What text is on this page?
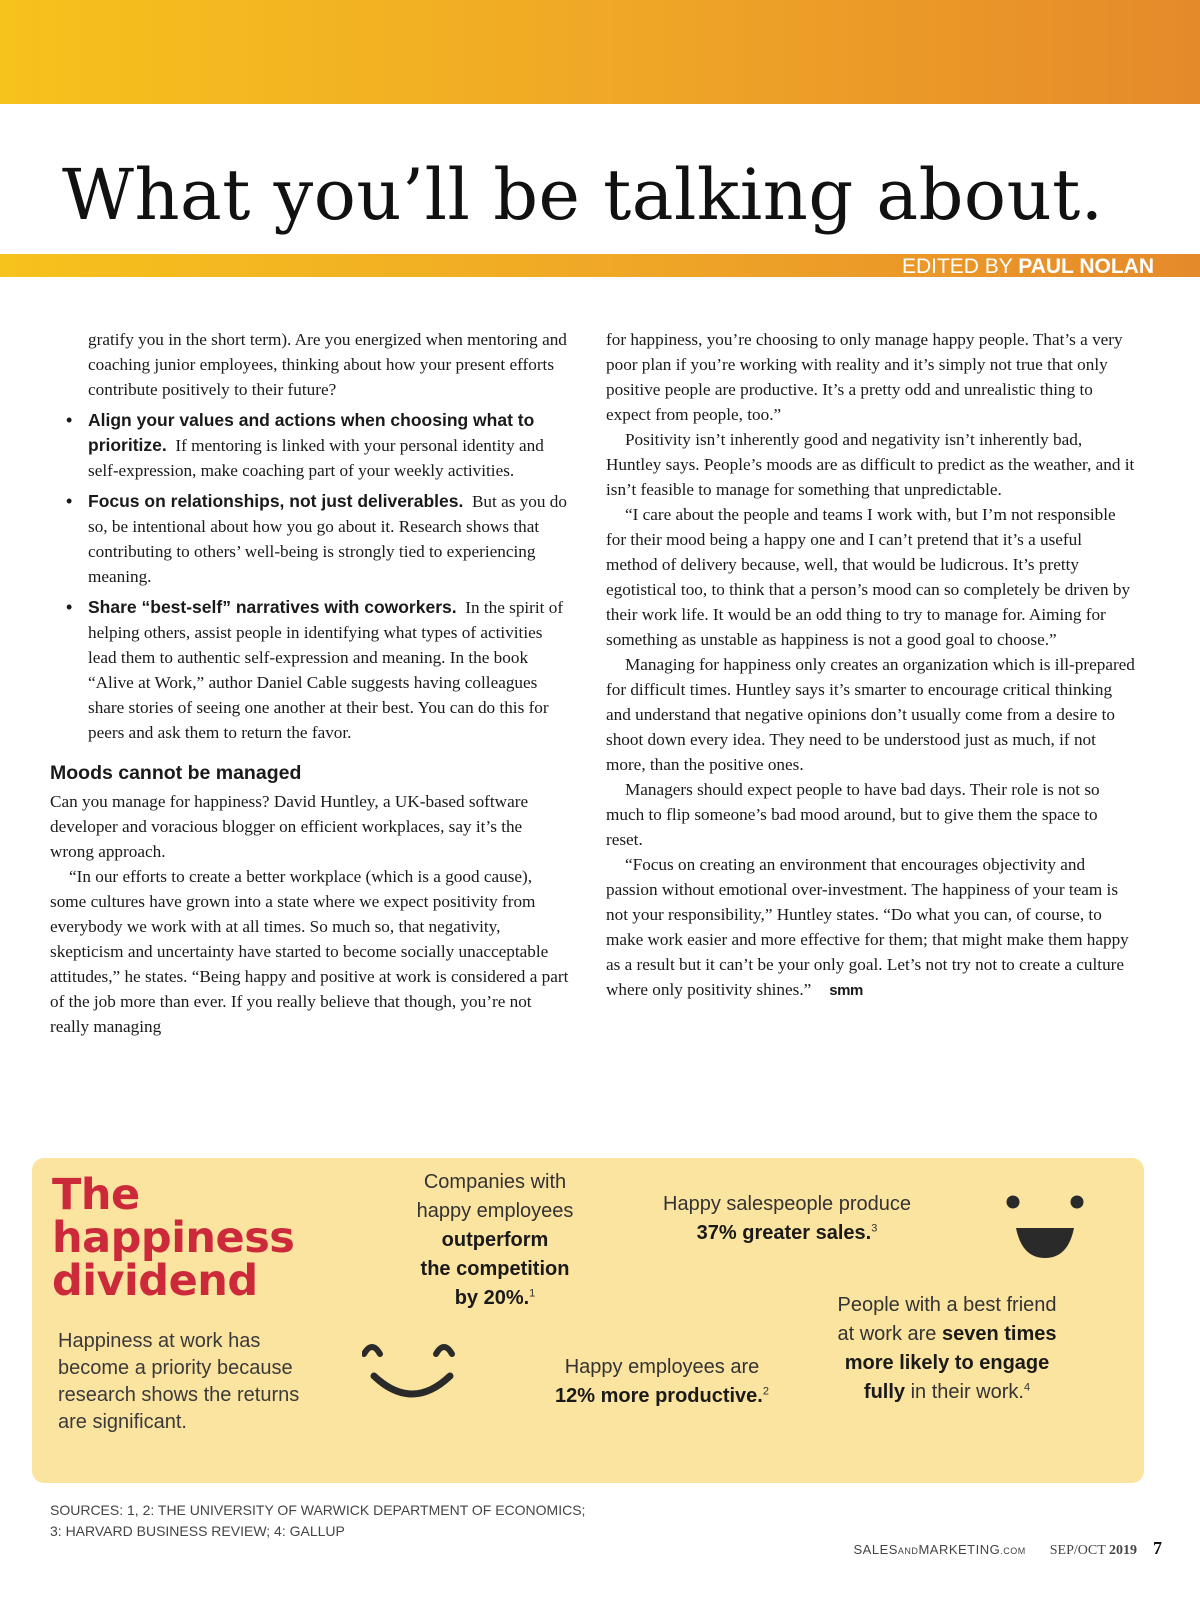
What you’ll be talking about.
EDITED BY PAUL NOLAN

gratify you in the short term). Are you energized when mentoring and coaching junior employees, thinking about how your present efforts contribute positively to their future?

• Align your values and actions when choosing what to prioritize. If mentoring is linked with your personal identity and self-expression, make coaching part of your weekly activities.
• Focus on relationships, not just deliverables. But as you do so, be intentional about how you go about it. Research shows that contributing to others’ well-being is strongly tied to experiencing meaning.
• Share “best-self” narratives with coworkers. In the spirit of helping others, assist people in identifying what types of activities lead them to authentic self-expression and meaning. In the book “Alive at Work,” author Daniel Cable suggests having colleagues share stories of seeing one another at their best. You can do this for peers and ask them to return the favor.
Moods cannot be managed

Can you manage for happiness? David Huntley, a UK-based software developer and voracious blogger on efficient workplaces, say it’s the wrong approach.

“In our efforts to create a better workplace (which is a good cause), some cultures have grown into a state where we expect positivity from everybody we work with at all times. So much so, that negativity, skepticism and uncertainty have started to become socially unacceptable attitudes,” he states. “Being happy and positive at work is considered a part of the job more than ever. If you really believe that though, you’re not really managing

for happiness, you’re choosing to only manage happy people. That’s a very poor plan if you’re working with reality and it’s simply not true that only positive people are productive. It’s a pretty odd and unrealistic thing to expect from people, too.”

Positivity isn’t inherently good and negativity isn’t inherently bad, Huntley says. People’s moods are as difficult to predict as the weather, and it isn’t feasible to manage for something that unpredictable.

“I care about the people and teams I work with, but I’m not responsible for their mood being a happy one and I can’t pretend that it’s a useful method of delivery because, well, that would be ludicrous. It’s pretty egotistical too, to think that a person’s mood can so completely be driven by their work life. It would be an odd thing to try to manage for. Aiming for something as unstable as happiness is not a good goal to choose.”

Managing for happiness only creates an organization which is ill-prepared for difficult times. Huntley says it’s smarter to encourage critical thinking and understand that negative opinions don’t usually come from a desire to shoot down every idea. They need to be understood just as much, if not more, than the positive ones.

Managers should expect people to have bad days. Their role is not so much to flip someone’s bad mood around, but to give them the space to reset.

“Focus on creating an environment that encourages objectivity and passion without emotional over-investment. The happiness of your team is not your responsibility,” Huntley states. “Do what you can, of course, to make work easier and more effective for them; that might make them happy as a result but it can’t be your only goal. Let’s not try not to create a culture where only positivity shines.” smm

The
happiness
dividend
Happiness at work has become a priority because research shows the returns are significant.
Companies with
happy employees
outperform
the competition
by 20%.$^1$
Happy salespeople produce
37% greater sales.$^3$
Happy employees are
12% more productive.$^2$
People with a best friend
at work are seven times
more likely to engage
fully in their work.$^4$
SOURCES: 1, 2: THE UNIVERSITY OF WARWICK DEPARTMENT OF ECONOMICS;
3: HARVARD BUSINESS REVIEW; 4: GALLUP
SALESANDMARKETING.COM SEP/OCT 2019 7
